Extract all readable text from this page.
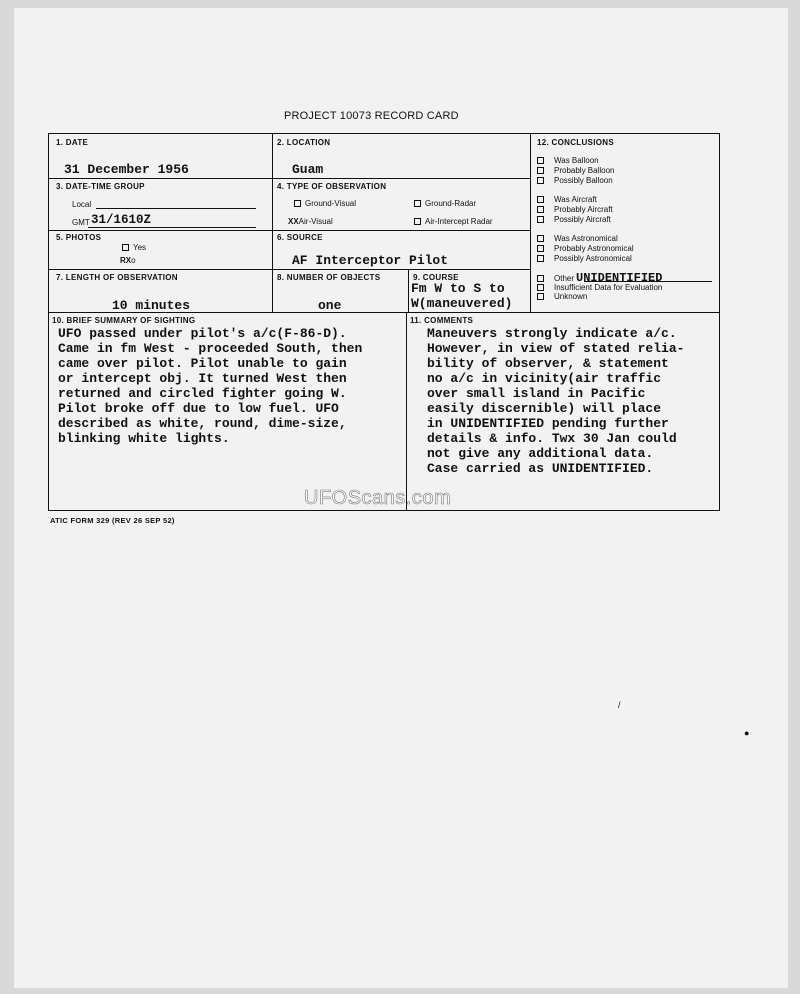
PROJECT 10073 RECORD CARD
1. DATE
31 December 1956
2. LOCATION
Guam
3. DATE-TIME GROUP
Local
GMT 31/1610Z
4. TYPE OF OBSERVATION
Ground-Visual	Ground-Radar
XXAir-Visual	Air-Intercept Radar
5. PHOTOS
Yes
RXo
6. SOURCE
AF Interceptor Pilot
7. LENGTH OF OBSERVATION
10 minutes
8. NUMBER OF OBJECTS
one
9. COURSE
Fm W to S to
W(maneuvered)
12. CONCLUSIONS
Was Balloon
Probably Balloon
Possibly Balloon
Was Aircraft
Probably Aircraft
Possibly Aircraft
Was Astronomical
Probably Astronomical
Possibly Astronomical
Other UNIDENTIFIED
Insufficient Data for Evaluation
Unknown
10. BRIEF SUMMARY OF SIGHTING
UFO passed under pilot's a/c(F-86-D).
Came in fm West - proceeded South, then
came over pilot. Pilot unable to gain
or intercept obj. It turned West then
returned and circled fighter going W.
Pilot broke off due to low fuel. UFO
described as white, round, dime-size,
blinking white lights.
11. COMMENTS
Maneuvers strongly indicate a/c.
However, in view of stated relia-
bility of observer, & statement
no a/c in vicinity(air traffic
over small island in Pacific
easily discernible) will place
in UNIDENTIFIED pending further
details & info. Twx 30 Jan could
not give any additional data.
Case carried as UNIDENTIFIED.
UFOScans.com
ATIC FORM 329 (REV 26 SEP 52)
●
/
